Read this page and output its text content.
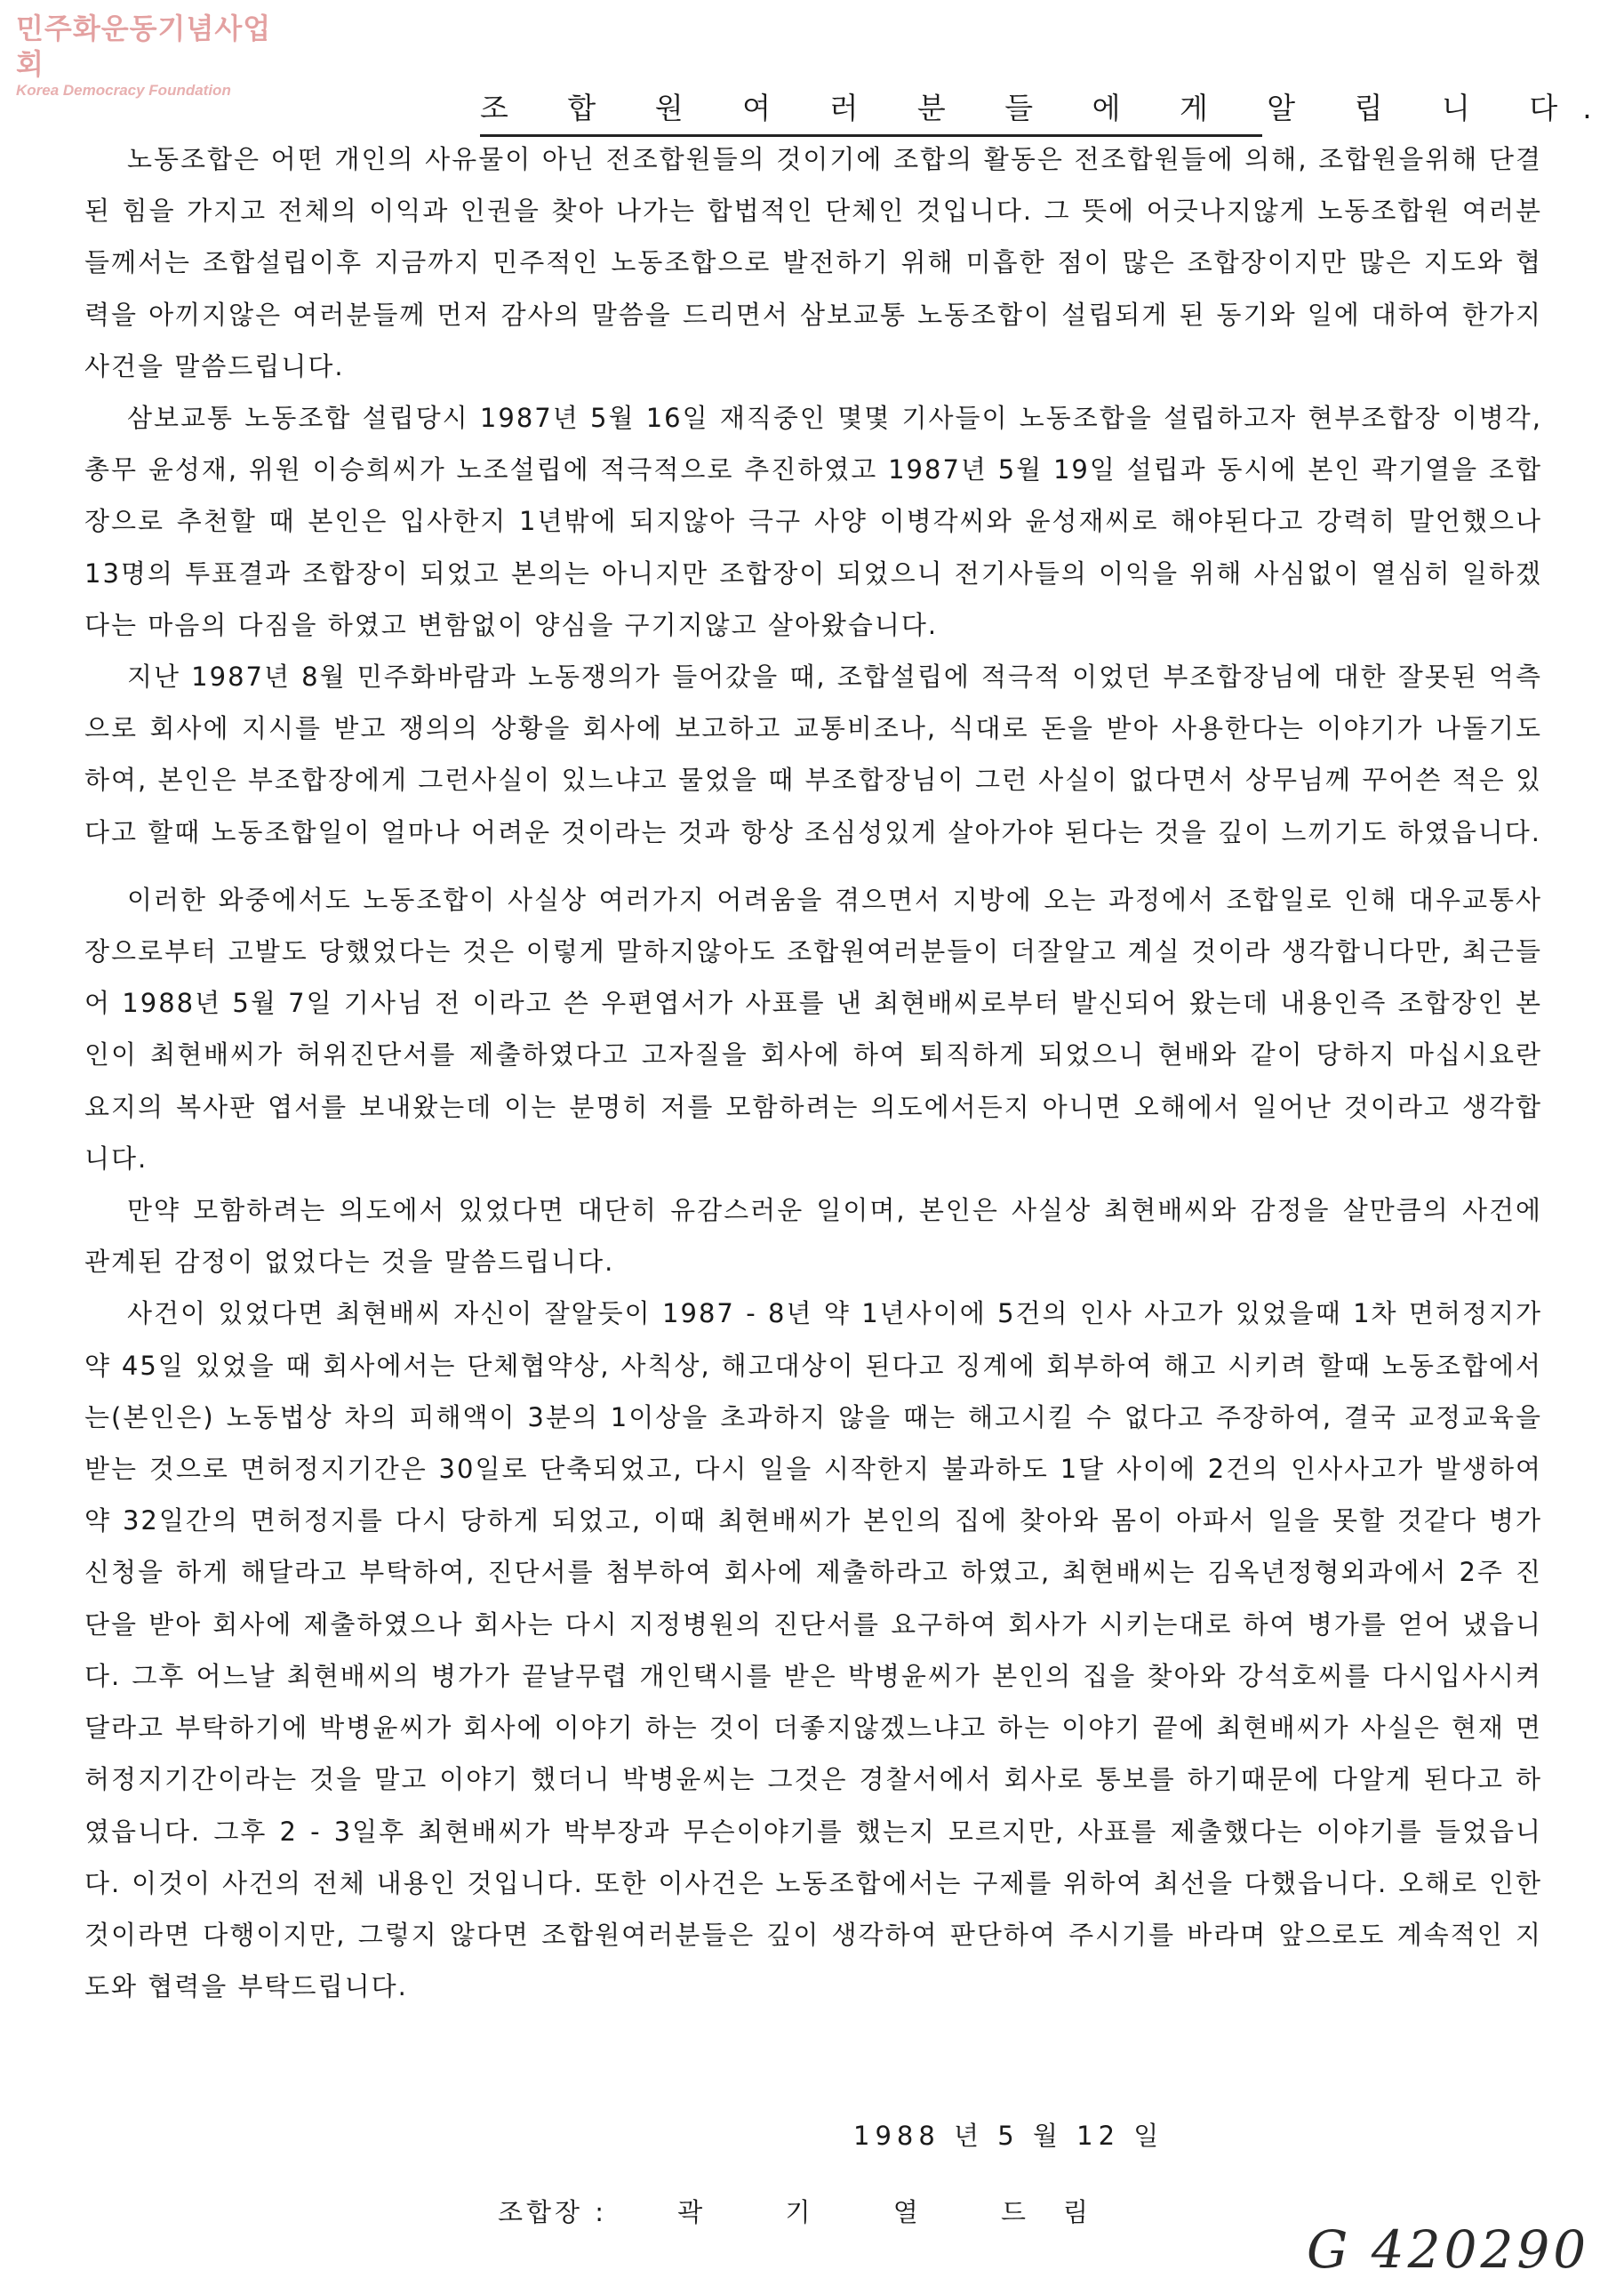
민주화운동기념사업회
Korea Democracy Foundation
조 합 원 여 러 분 들 에 게 알 립 니 다.

노동조합은 어떤 개인의 사유물이 아닌 전조합원들의 것이기에 조합의 활동은 전조합원들에 의해, 조합원을위해 단결된 힘을 가지고 전체의 이익과 인권을 찾아 나가는 합법적인 단체인 것입니다. 그 뜻에 어긋나지않게 노동조합원 여러분들께서는 조합설립이후 지금까지 민주적인 노동조합으로 발전하기 위해 미흡한 점이 많은 조합장이지만 많은 지도와 협력을 아끼지않은 여러분들께 먼저 감사의 말씀을 드리면서 삼보교통 노동조합이 설립되게 된 동기와 일에 대하여 한가지 사건을 말씀드립니다.

삼보교통 노동조합 설립당시 1987년 5월 16일 재직중인 몇몇 기사들이 노동조합을 설립하고자 현부조합장 이병각, 총무 윤성재, 위원 이승희씨가 노조설립에 적극적으로 추진하였고 1987년 5월 19일 설립과 동시에 본인 곽기열을 조합장으로 추천할 때 본인은 입사한지 1년밖에 되지않아 극구 사양 이병각씨와 윤성재씨로 해야된다고 강력히 말언했으나 13명의 투표결과 조합장이 되었고 본의는 아니지만 조합장이 되었으니 전기사들의 이익을 위해 사심없이 열심히 일하겠다는 마음의 다짐을 하였고 변함없이 양심을 구기지않고 살아왔습니다.

지난 1987년 8월 민주화바람과 노동쟁의가 들어갔을 때, 조합설립에 적극적 이었던 부조합장님에 대한 잘못된 억측으로 회사에 지시를 받고 쟁의의 상황을 회사에 보고하고 교통비조나, 식대로 돈을 받아 사용한다는 이야기가 나돌기도 하여, 본인은 부조합장에게 그런사실이 있느냐고 물었을 때 부조합장님이 그런 사실이 없다면서 상무님께 꾸어쓴 적은 있다고 할때 노동조합일이 얼마나 어려운 것이라는 것과 항상 조심성있게 살아가야 된다는 것을 깊이 느끼기도 하였읍니다.

이러한 와중에서도 노동조합이 사실상 여러가지 어려움을 겪으면서 지방에 오는 과정에서 조합일로 인해 대우교통사장으로부터 고발도 당했었다는 것은 이렇게 말하지않아도 조합원여러분들이 더잘알고 계실 것이라 생각합니다만, 최근들어 1988년 5월 7일 기사님 전 이라고 쓴 우편엽서가 사표를 낸 최현배씨로부터 발신되어 왔는데 내용인즉 조합장인 본인이 최현배씨가 허위진단서를 제출하였다고 고자질을 회사에 하여 퇴직하게 되었으니 현배와 같이 당하지 마십시요란 요지의 복사판 엽서를 보내왔는데 이는 분명히 저를 모함하려는 의도에서든지 아니면 오해에서 일어난 것이라고 생각합니다.

만약 모함하려는 의도에서 있었다면 대단히 유감스러운 일이며, 본인은 사실상 최현배씨와 감정을 살만큼의 사건에 관계된 감정이 없었다는 것을 말씀드립니다.

사건이 있었다면 최현배씨 자신이 잘알듯이 1987 - 8년 약 1년사이에 5건의 인사 사고가 있었을때 1차 면허정지가 약 45일 있었을 때 회사에서는 단체협약상, 사칙상, 해고대상이 된다고 징계에 회부하여 해고 시키려 할때 노동조합에서는(본인은) 노동법상 차의 피해액이 3분의 1이상을 초과하지 않을 때는 해고시킬 수 없다고 주장하여, 결국 교정교육을 받는 것으로 면허정지기간은 30일로 단축되었고, 다시 일을 시작한지 불과하도 1달 사이에 2건의 인사사고가 발생하여 약 32일간의 면허정지를 다시 당하게 되었고, 이때 최현배씨가 본인의 집에 찾아와 몸이 아파서 일을 못할 것같다 병가신청을 하게 해달라고 부탁하여, 진단서를 첨부하여 회사에 제출하라고 하였고, 최현배씨는 김옥년정형외과에서 2주 진단을 받아 회사에 제출하였으나 회사는 다시 지정병원의 진단서를 요구하여 회사가 시키는대로 하여 병가를 얻어 냈읍니다. 그후 어느날 최현배씨의 병가가 끝날무렵 개인택시를 받은 박병윤씨가 본인의 집을 찾아와 강석호씨를 다시입사시켜 달라고 부탁하기에 박병윤씨가 회사에 이야기 하는 것이 더좋지않겠느냐고 하는 이야기 끝에 최현배씨가 사실은 현재 면허정지기간이라는 것을 말고 이야기 했더니 박병윤씨는 그것은 경찰서에서 회사로 통보를 하기때문에 다알게 된다고 하였읍니다. 그후 2 - 3일후 최현배씨가 박부장과 무슨이야기를 했는지 모르지만, 사표를 제출했다는 이야기를 들었읍니다. 이것이 사건의 전체 내용인 것입니다. 또한 이사건은 노동조합에서는 구제를 위하여 최선을 다했읍니다. 오해로 인한 것이라면 다행이지만, 그렇지 않다면 조합원여러분들은 깊이 생각하여 판단하여 주시기를 바라며 앞으로도 계속적인 지도와 협력을 부탁드립니다.

1988 년 5 월 12 일
조합장 :	곽 기 열 드림
G 420290
